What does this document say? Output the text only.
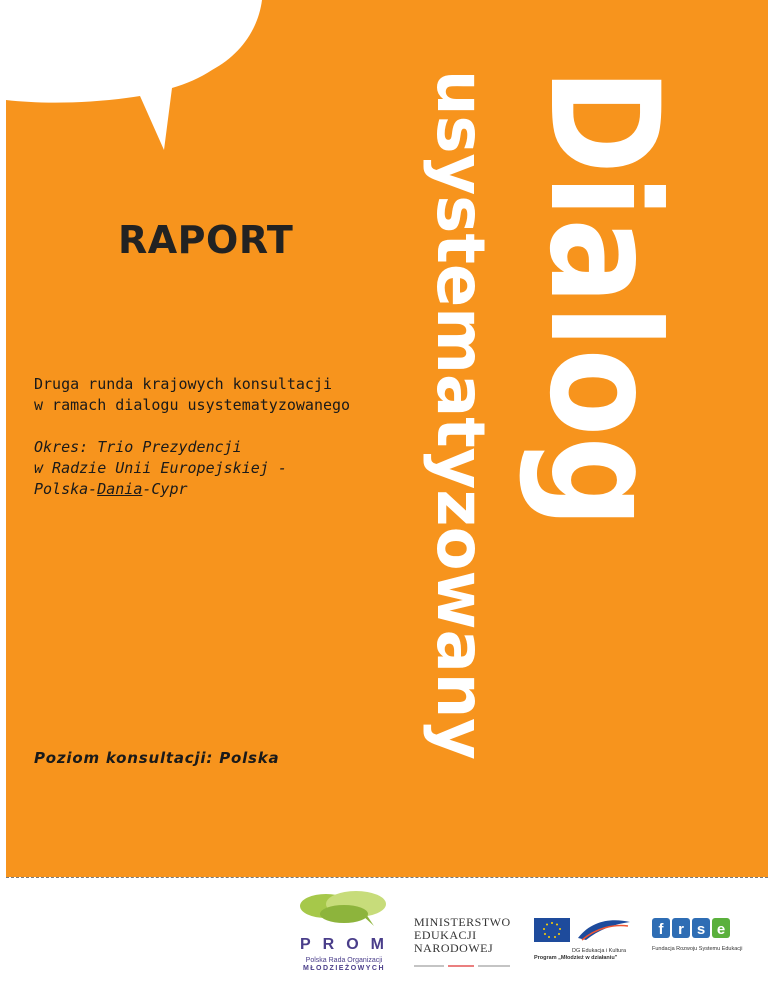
Dialog
usystematyzowany
RAPORT
Druga runda krajowych konsultacji
w ramach dialogu usystematyzowanego
Okres: Trio Prezydencji
w Radzie Unii Europejskiej -
Polska-Dania-Cypr
Poziom konsultacji: Polska
PROM
Polska Rada Organizacji
MŁODZIEŻOWYCH
MINISTERSTWO
EDUKACJI
NARODOWEJ	DG Edukacja i Kultura
Program „Młodzież w działaniu"
f r s e
Fundacja Rozwoju Systemu Edukacji
